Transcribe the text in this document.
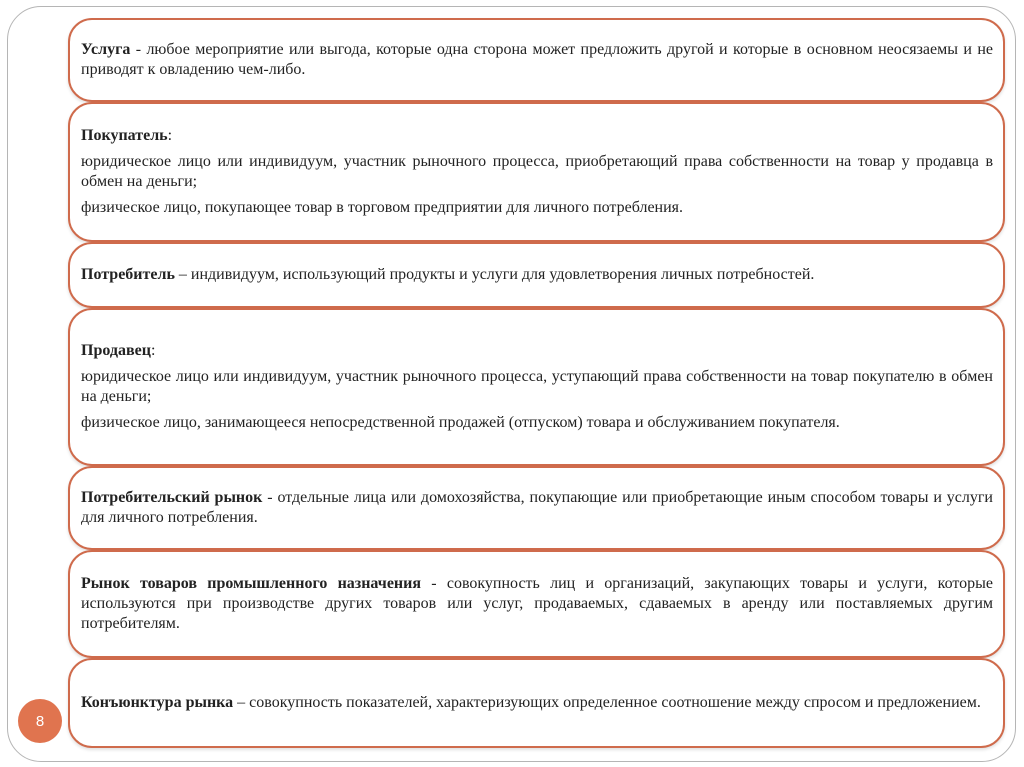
Услуга - любое мероприятие или выгода, которые одна сторона может предложить другой и которые в основном неосязаемы и не приводят к овладению чем-либо.

Покупатель:

юридическое лицо или индивидуум, участник рыночного процесса, приобретающий права собственности на товар у продавца в обмен на деньги;

физическое лицо, покупающее товар в торговом предприятии для личного потребления.

Потребитель – индивидуум, использующий продукты и услуги для удовлетворения личных потребностей.

Продавец:

юридическое лицо или индивидуум, участник рыночного процесса, уступающий права собственности на товар покупателю в обмен на деньги;

физическое лицо, занимающееся непосредственной продажей (отпуском) товара и обслуживанием покупателя.

Потребительский рынок - отдельные лица или домохозяйства, покупающие или приобретающие иным способом товары и услуги для личного потребления.

Рынок товаров промышленного назначения - совокупность лиц и организаций, закупающих товары и услуги, которые используются при производстве других товаров или услуг, продаваемых, сдаваемых в аренду или поставляемых другим потребителям.

Конъюнктура рынка – совокупность показателей, характеризующих определенное соотношение между спросом и предложением.

8
